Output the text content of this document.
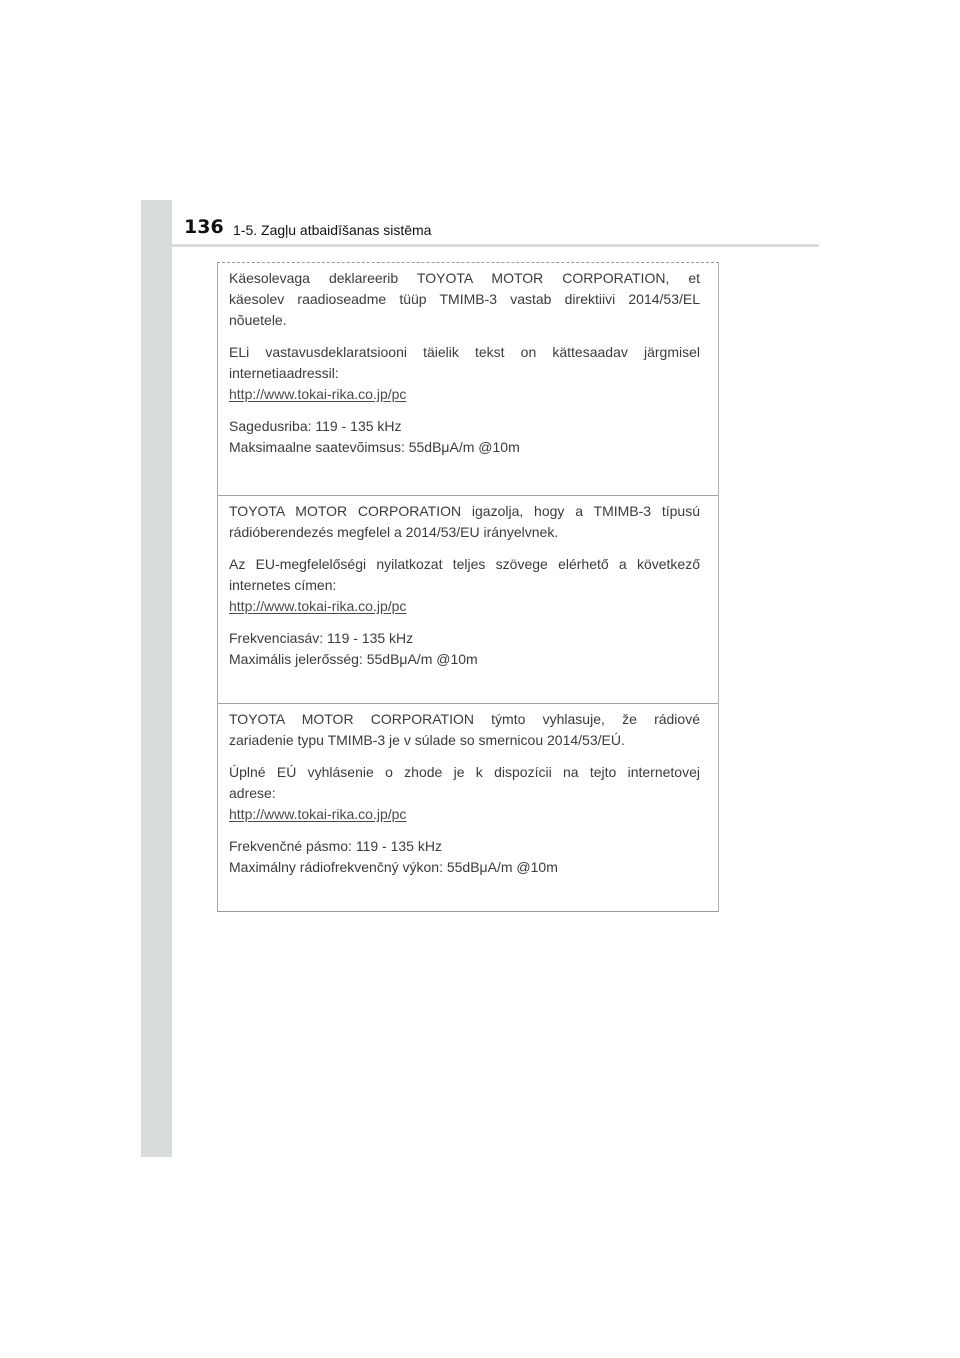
136 1-5. Zagļu atbaidīšanas sistēma

Käesolevaga deklareerib TOYOTA MOTOR CORPORATION, et

käesolev raadioseadme tüüp TMIMB-3 vastab direktiivi 2014/53/EL

nõuetele.

ELi vastavusdeklaratsiooni täielik tekst on kättesaadav järgmisel

internetiaadressil:

http://www.tokai-rika.co.jp/pc

Sagedusriba: 119 - 135 kHz

Maksimaalne saatevõimsus: 55dBμA/m @10m

TOYOTA MOTOR CORPORATION igazolja, hogy a TMIMB-3 típusú

rádióberendezés megfelel a 2014/53/EU irányelvnek.

Az EU-megfelelőségi nyilatkozat teljes szövege elérhető a következő

internetes címen:

http://www.tokai-rika.co.jp/pc

Frekvenciasáv: 119 - 135 kHz

Maximális jelerősség: 55dBμA/m @10m

TOYOTA MOTOR CORPORATION týmto vyhlasuje, že rádiové

zariadenie typu TMIMB-3 je v súlade so smernicou 2014/53/EÚ.

Úplné EÚ vyhlásenie o zhode je k dispozícii na tejto internetovej

adrese:

http://www.tokai-rika.co.jp/pc

Frekvenčné pásmo: 119 - 135 kHz

Maximálny rádiofrekvenčný výkon: 55dBμA/m @10m
